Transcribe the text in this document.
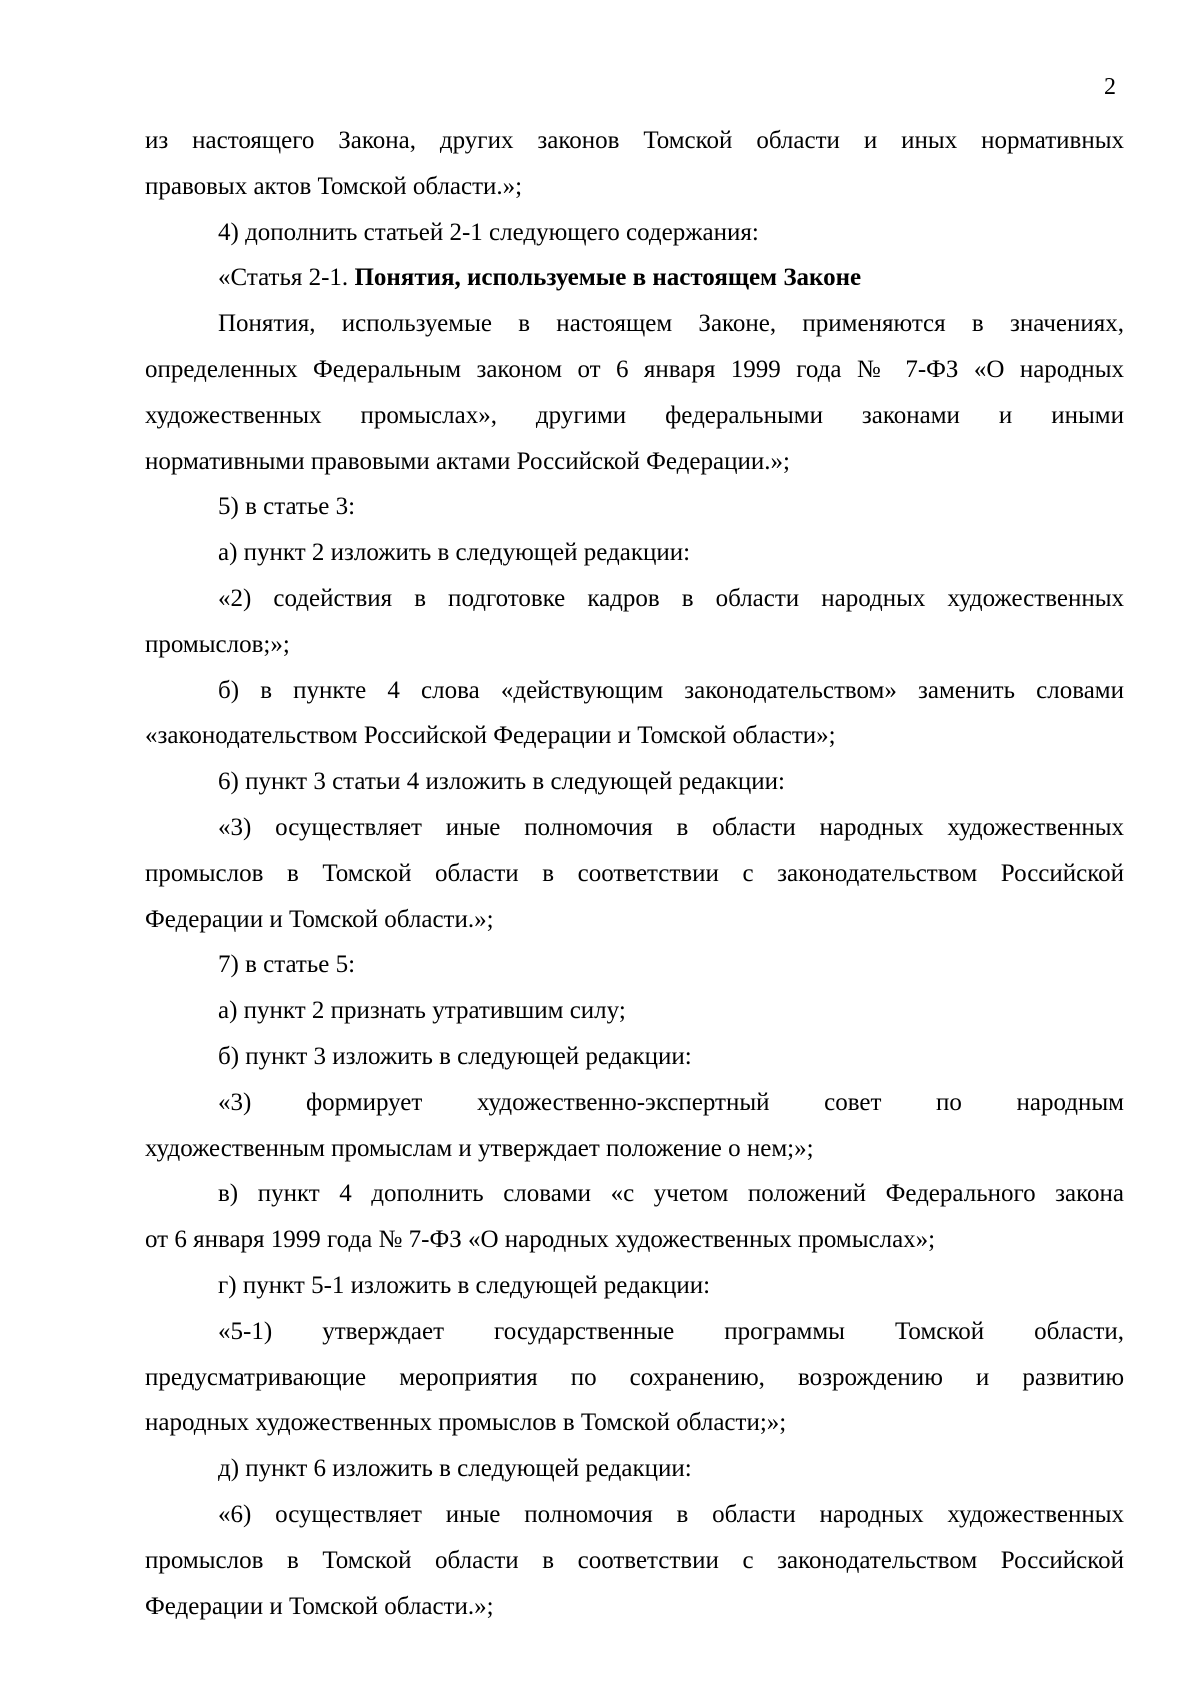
2
из настоящего Закона, других законов Томской области и иных нормативных
правовых актов Томской области.»;
4) дополнить статьей 2-1 следующего содержания:
«Статья 2-1. Понятия, используемые в настоящем Законе
Понятия, используемые в настоящем Законе, применяются в значениях,
определенных Федеральным законом от 6 января 1999 года № 7-ФЗ «О народных
художественных промыслах», другими федеральными законами и иными
нормативными правовыми актами Российской Федерации.»;
5) в статье 3:
а) пункт 2 изложить в следующей редакции:
«2) содействия в подготовке кадров в области народных художественных
промыслов;»;
б) в пункте 4 слова «действующим законодательством» заменить словами
«законодательством Российской Федерации и Томской области»;
6) пункт 3 статьи 4 изложить в следующей редакции:
«3) осуществляет иные полномочия в области народных художественных
промыслов в Томской области в соответствии с законодательством Российской
Федерации и Томской области.»;
7) в статье 5:
а) пункт 2 признать утратившим силу;
б) пункт 3 изложить в следующей редакции:
«3) формирует художественно-экспертный совет по народным
художественным промыслам и утверждает положение о нем;»;
в) пункт 4 дополнить словами «с учетом положений Федерального закона
от 6 января 1999 года № 7-ФЗ «О народных художественных промыслах»;
г) пункт 5-1 изложить в следующей редакции:
«5-1) утверждает государственные программы Томской области,
предусматривающие мероприятия по сохранению, возрождению и развитию
народных художественных промыслов в Томской области;»;
д) пункт 6 изложить в следующей редакции:
«6) осуществляет иные полномочия в области народных художественных
промыслов в Томской области в соответствии с законодательством Российской
Федерации и Томской области.»;
